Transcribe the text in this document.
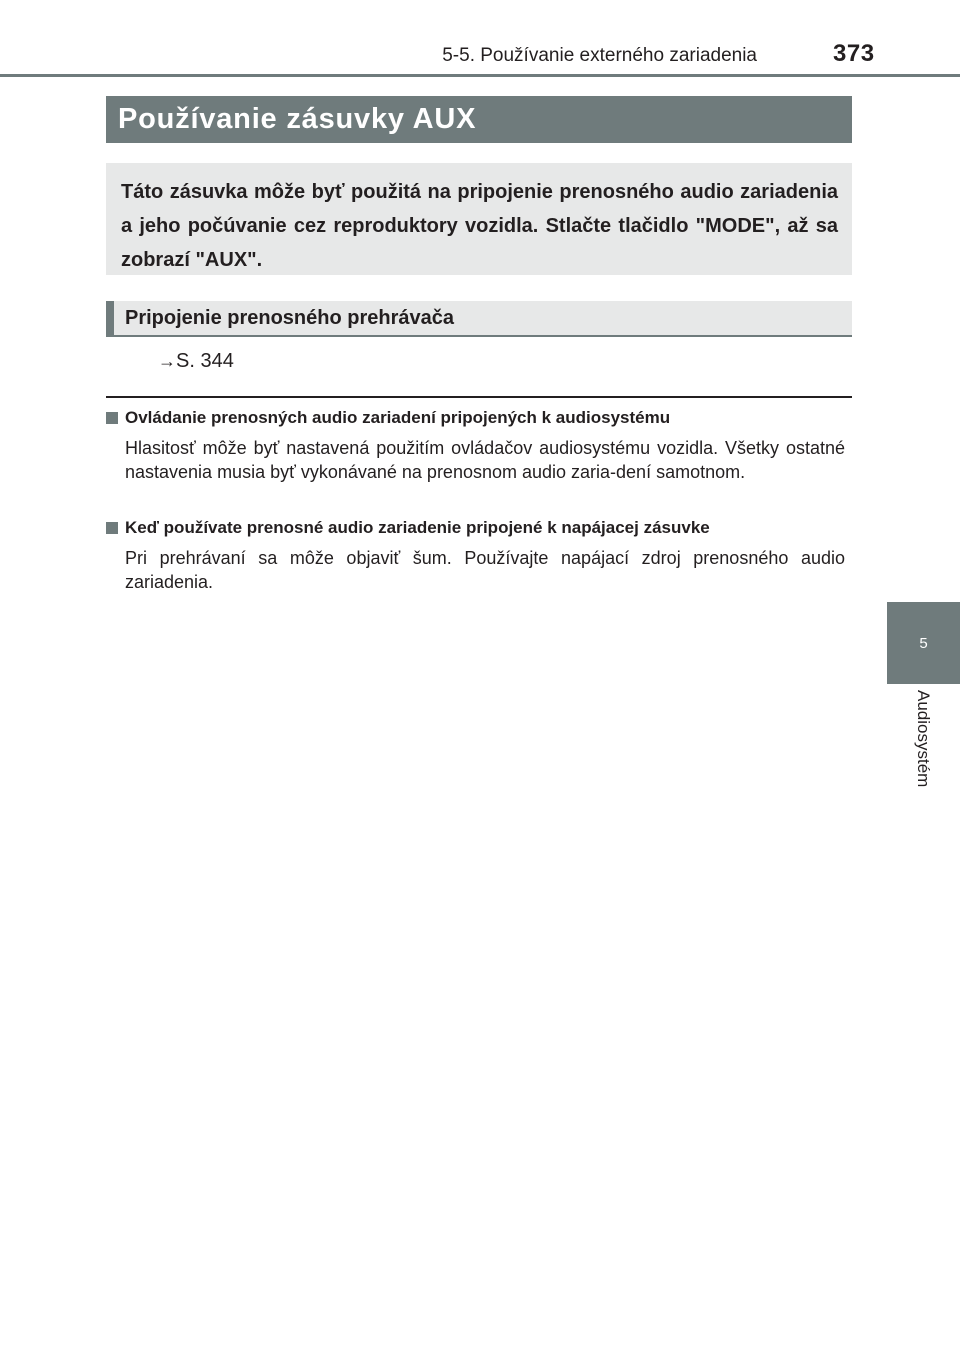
5-5. Používanie externého zariadenia	373
5
Audiosystém
Používanie zásuvky AUX

Táto zásuvka môže byť použitá na pripojenie prenosného audio zariadenia a jeho počúvanie cez reproduktory vozidla. Stlačte tlačidlo "MODE", až sa zobrazí "AUX".

Pripojenie prenosného prehrávača
→S. 344
Ovládanie prenosných audio zariadení pripojených k audiosystému
Hlasitosť môže byť nastavená použitím ovládačov audiosystému vozidla. Všetky ostatné nastavenia musia byť vykonávané na prenosnom audio zaria-dení samotnom.
Keď používate prenosné audio zariadenie pripojené k napájacej zásuvke
Pri prehrávaní sa môže objaviť šum. Používajte napájací zdroj prenosného audio zariadenia.
